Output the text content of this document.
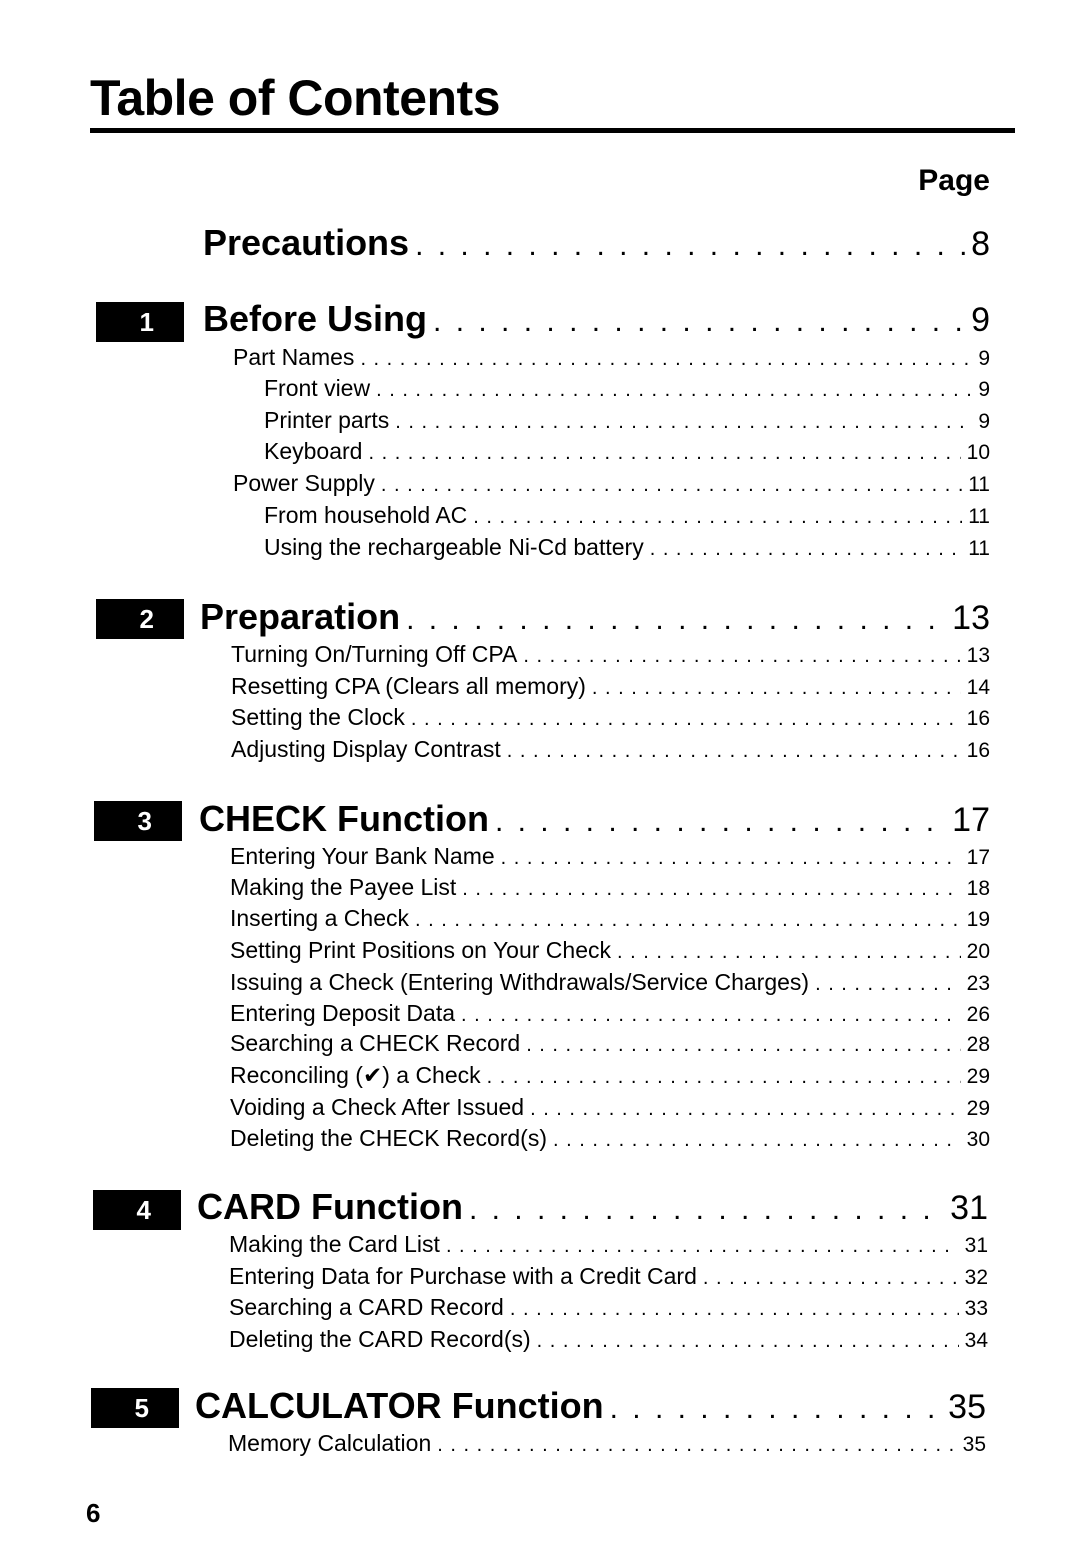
Table of Contents
Page
Precautions . . .	8
1	Before Using . . .	9
Part Names . . .	9
Front view . . .	9
Printer parts . . .	9
Keyboard . . .	10
Power Supply . . .	11
From household AC . . .	11
Using the rechargeable Ni-Cd battery . . .	11
2	Preparation . . .	13
Turning On/Turning Off CPA . . .	13
Resetting CPA (Clears all memory) . . .	14
Setting the Clock . . .	16
Adjusting Display Contrast . . .	16
3	CHECK Function . . .	17
Entering Your Bank Name . . .	17
Making the Payee List . . .	18
Inserting a Check . . .	19
Setting Print Positions on Your Check . . .	20
Issuing a Check (Entering Withdrawals/Service Charges) . . .	23
Entering Deposit Data . . .	26
Searching a CHECK Record . . .	28
Reconciling (✔) a Check . . .	29
Voiding a Check After Issued . . .	29
Deleting the CHECK Record(s) . . .	30
4	CARD Function . . .	31
Making the Card List . . .	31
Entering Data for Purchase with a Credit Card . . .	32
Searching a CARD Record . . .	33
Deleting the CARD Record(s) . . .	34
5	CALCULATOR Function . . .	35
Memory Calculation . . .	35
6
